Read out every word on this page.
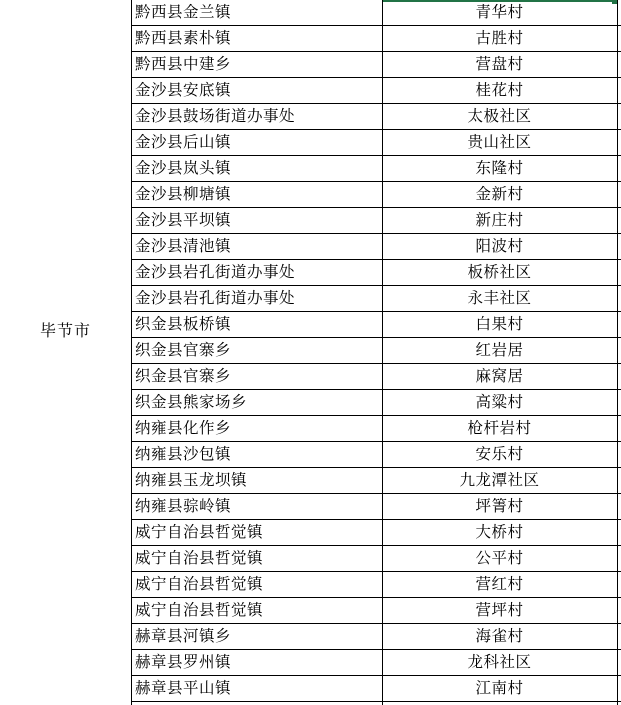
毕节市
黔西县金兰镇	青华村
黔西县素朴镇	古胜村
黔西县中建乡	营盘村
金沙县安底镇	桂花村
金沙县鼓场街道办事处	太极社区
金沙县后山镇	贵山社区
金沙县岚头镇	东隆村
金沙县柳塘镇	金新村
金沙县平坝镇	新庄村
金沙县清池镇	阳波村
金沙县岩孔街道办事处	板桥社区
金沙县岩孔街道办事处	永丰社区
织金县板桥镇	白果村
织金县官寨乡	红岩居
织金县官寨乡	麻窝居
织金县熊家场乡	高粱村
纳雍县化作乡	枪杆岩村
纳雍县沙包镇	安乐村
纳雍县玉龙坝镇	九龙潭社区
纳雍县骔岭镇	坪箐村
威宁自治县哲觉镇	大桥村
威宁自治县哲觉镇	公平村
威宁自治县哲觉镇	营红村
威宁自治县哲觉镇	营坪村
赫章县河镇乡	海雀村
赫章县罗州镇	龙科社区
赫章县平山镇	江南村
